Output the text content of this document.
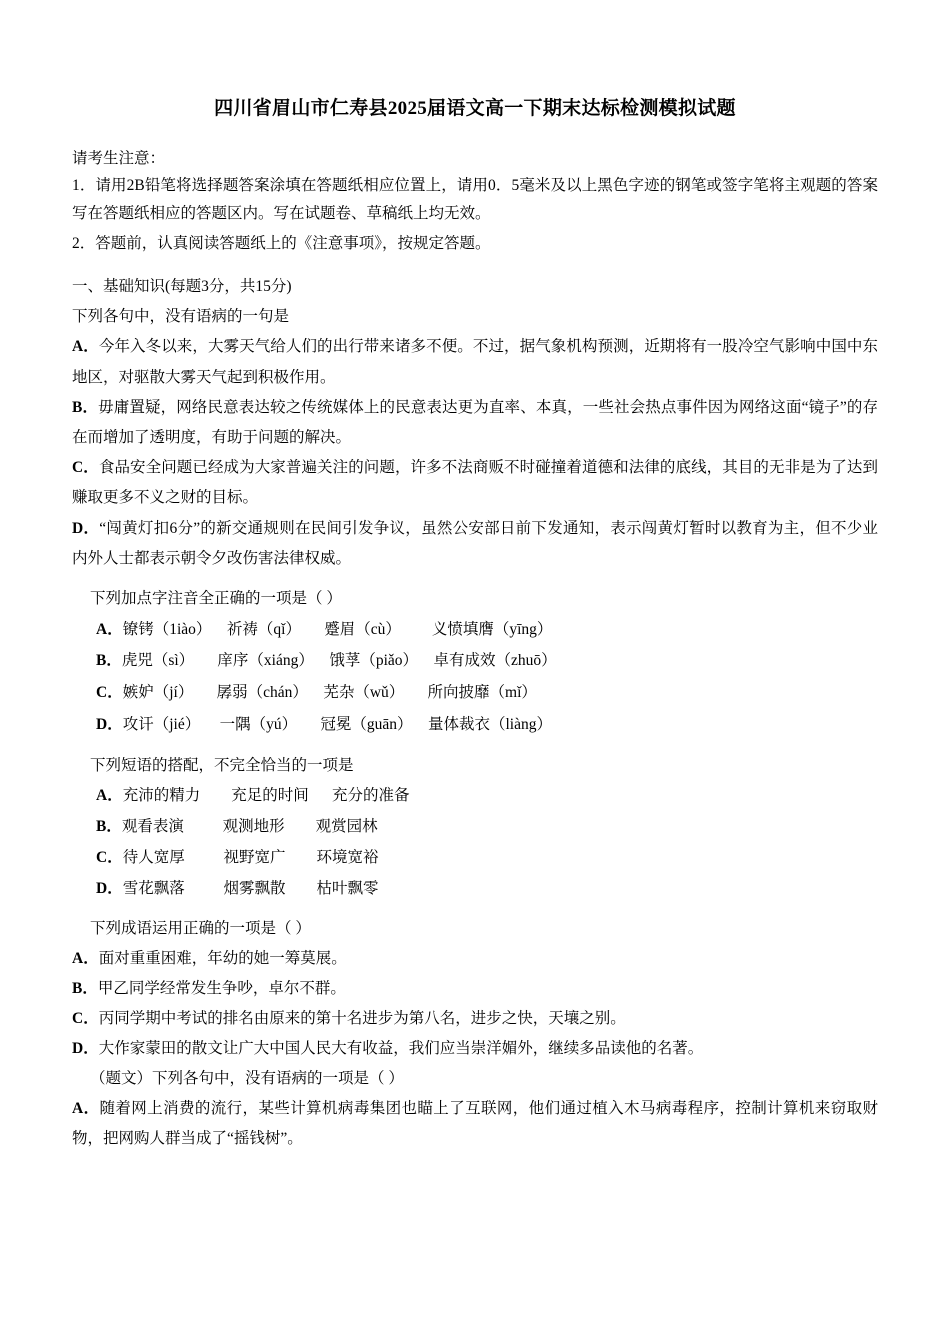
四川省眉山市仁寿县2025届语文高一下期末达标检测模拟试题
请考生注意：
1．请用2B铅笔将选择题答案涂填在答题纸相应位置上，请用0．5毫米及以上黑色字迹的钢笔或签字笔将主观题的答案写在答题纸相应的答题区内。写在试题卷、草稿纸上均无效。
2．答题前，认真阅读答题纸上的《注意事项》，按规定答题。
一、基础知识(每题3分，共15分)
下列各句中，没有语病的一句是
A．今年入冬以来，大雾天气给人们的出行带来诸多不便。不过，据气象机构预测，近期将有一股冷空气影响中国中东地区，对驱散大雾天气起到积极作用。
B．毋庸置疑，网络民意表达较之传统媒体上的民意表达更为直率、本真，一些社会热点事件因为网络这面“镜子”的存在而增加了透明度，有助于问题的解决。
C．食品安全问题已经成为大家普遍关注的问题，许多不法商贩不时碰撞着道德和法律的底线，其目的无非是为了达到赚取更多不义之财的目标。
D．“闯黄灯扣6分”的新交通规则在民间引发争议，虽然公安部日前下发通知，表示闯黄灯暂时以教育为主，但不少业内外人士都表示朝令夕改伤害法律权威。
下列加点字注音全正确的一项是（ ）
A．镣铐（1iào）    祈祷（qǐ）      蹙眉（cù）        义愤填膺（yīng）
B．虎兕（sì）      庠序（xiáng）    饿莩（piǎo）    卓有成效（zhuō）
C．嫉妒（jí）      孱弱（chán）    芜杂（wǔ）      所向披靡（mǐ）
D．攻讦（jié）     一隅（yú）      冠冕（guān）    量体裁衣（liàng）
下列短语的搭配，不完全恰当的一项是
A．充沛的精力        充足的时间      充分的准备
B．观看表演          观测地形        观赏园林
C．待人宽厚          视野宽广        环境宽裕
D．雪花飘落          烟雾飘散        枯叶飘零
下列成语运用正确的一项是（ ）
A．面对重重困难，年幼的她一筹莫展。
B．甲乙同学经常发生争吵，卓尔不群。
C．丙同学期中考试的排名由原来的第十名进步为第八名，进步之快，天壤之别。
D．大作家蒙田的散文让广大中国人民大有收益，我们应当崇洋媚外，继续多品读他的名著。
（题文）下列各句中，没有语病的一项是（ ）
A．随着网上消费的流行，某些计算机病毒集团也瞄上了互联网，他们通过植入木马病毒程序，控制计算机来窃取财物，把网购人群当成了“摇钱树”。
